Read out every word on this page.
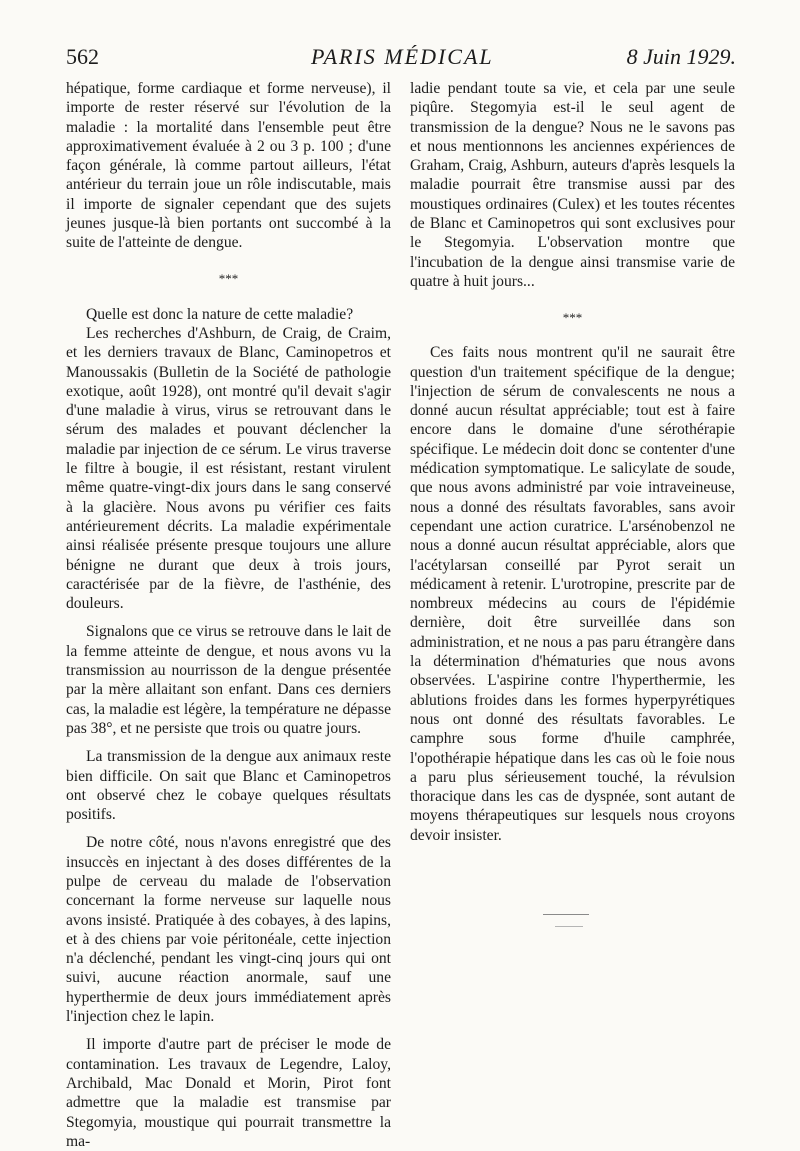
562	PARIS MÉDICAL	8 Juin 1929.

hépatique, forme cardiaque et forme nerveuse), il importe de rester réservé sur l'évolution de la maladie : la mortalité dans l'ensemble peut être approximativement évaluée à 2 ou 3 p. 100 ; d'une façon générale, là comme partout ailleurs, l'état antérieur du terrain joue un rôle indiscutable, mais il importe de signaler cependant que des sujets jeunes jusque-là bien portants ont succombé à la suite de l'atteinte de dengue.

***

Quelle est donc la nature de cette maladie?

Les recherches d'Ashburn, de Craig, de Craim, et les derniers travaux de Blanc, Caminopetros et Manoussakis (Bulletin de la Société de pathologie exotique, août 1928), ont montré qu'il devait s'agir d'une maladie à virus, virus se retrouvant dans le sérum des malades et pouvant déclencher la maladie par injection de ce sérum. Le virus traverse le filtre à bougie, il est résistant, restant virulent même quatre-vingt-dix jours dans le sang conservé à la glacière. Nous avons pu vérifier ces faits antérieurement décrits. La maladie expérimentale ainsi réalisée présente presque toujours une allure bénigne ne durant que deux à trois jours, caractérisée par de la fièvre, de l'asthénie, des douleurs.

Signalons que ce virus se retrouve dans le lait de la femme atteinte de dengue, et nous avons vu la transmission au nourrisson de la dengue présentée par la mère allaitant son enfant. Dans ces derniers cas, la maladie est légère, la température ne dépasse pas 38°, et ne persiste que trois ou quatre jours.

La transmission de la dengue aux animaux reste bien difficile. On sait que Blanc et Caminopetros ont observé chez le cobaye quelques résultats positifs.

De notre côté, nous n'avons enregistré que des insuccès en injectant à des doses différentes de la pulpe de cerveau du malade de l'observation concernant la forme nerveuse sur laquelle nous avons insisté. Pratiquée à des cobayes, à des lapins, et à des chiens par voie péritonéale, cette injection n'a déclenché, pendant les vingt-cinq jours qui ont suivi, aucune réaction anormale, sauf une hyperthermie de deux jours immédiatement après l'injection chez le lapin.

Il importe d'autre part de préciser le mode de contamination. Les travaux de Legendre, Laloy, Archibald, Mac Donald et Morin, Pirot font admettre que la maladie est transmise par Stegomyia, moustique qui pourrait transmettre la ma-

ladie pendant toute sa vie, et cela par une seule piqûre. Stegomyia est-il le seul agent de transmission de la dengue? Nous ne le savons pas et nous mentionnons les anciennes expériences de Graham, Craig, Ashburn, auteurs d'après lesquels la maladie pourrait être transmise aussi par des moustiques ordinaires (Culex) et les toutes récentes de Blanc et Caminopetros qui sont exclusives pour le Stegomyia. L'observation montre que l'incubation de la dengue ainsi transmise varie de quatre à huit jours...

***

Ces faits nous montrent qu'il ne saurait être question d'un traitement spécifique de la dengue; l'injection de sérum de convalescents ne nous a donné aucun résultat appréciable; tout est à faire encore dans le domaine d'une sérothérapie spécifique. Le médecin doit donc se contenter d'une médication symptomatique. Le salicylate de soude, que nous avons administré par voie intraveineuse, nous a donné des résultats favorables, sans avoir cependant une action curatrice. L'arsénobenzol ne nous a donné aucun résultat appréciable, alors que l'acétylarsan conseillé par Pyrot serait un médicament à retenir. L'urotropine, prescrite par de nombreux médecins au cours de l'épidémie dernière, doit être surveillée dans son administration, et ne nous a pas paru étrangère dans la détermination d'hématuries que nous avons observées. L'aspirine contre l'hyperthermie, les ablutions froides dans les formes hyperpyrétiques nous ont donné des résultats favorables. Le camphre sous forme d'huile camphrée, l'opothérapie hépatique dans les cas où le foie nous a paru plus sérieusement touché, la révulsion thoracique dans les cas de dyspnée, sont autant de moyens thérapeutiques sur lesquels nous croyons devoir insister.
